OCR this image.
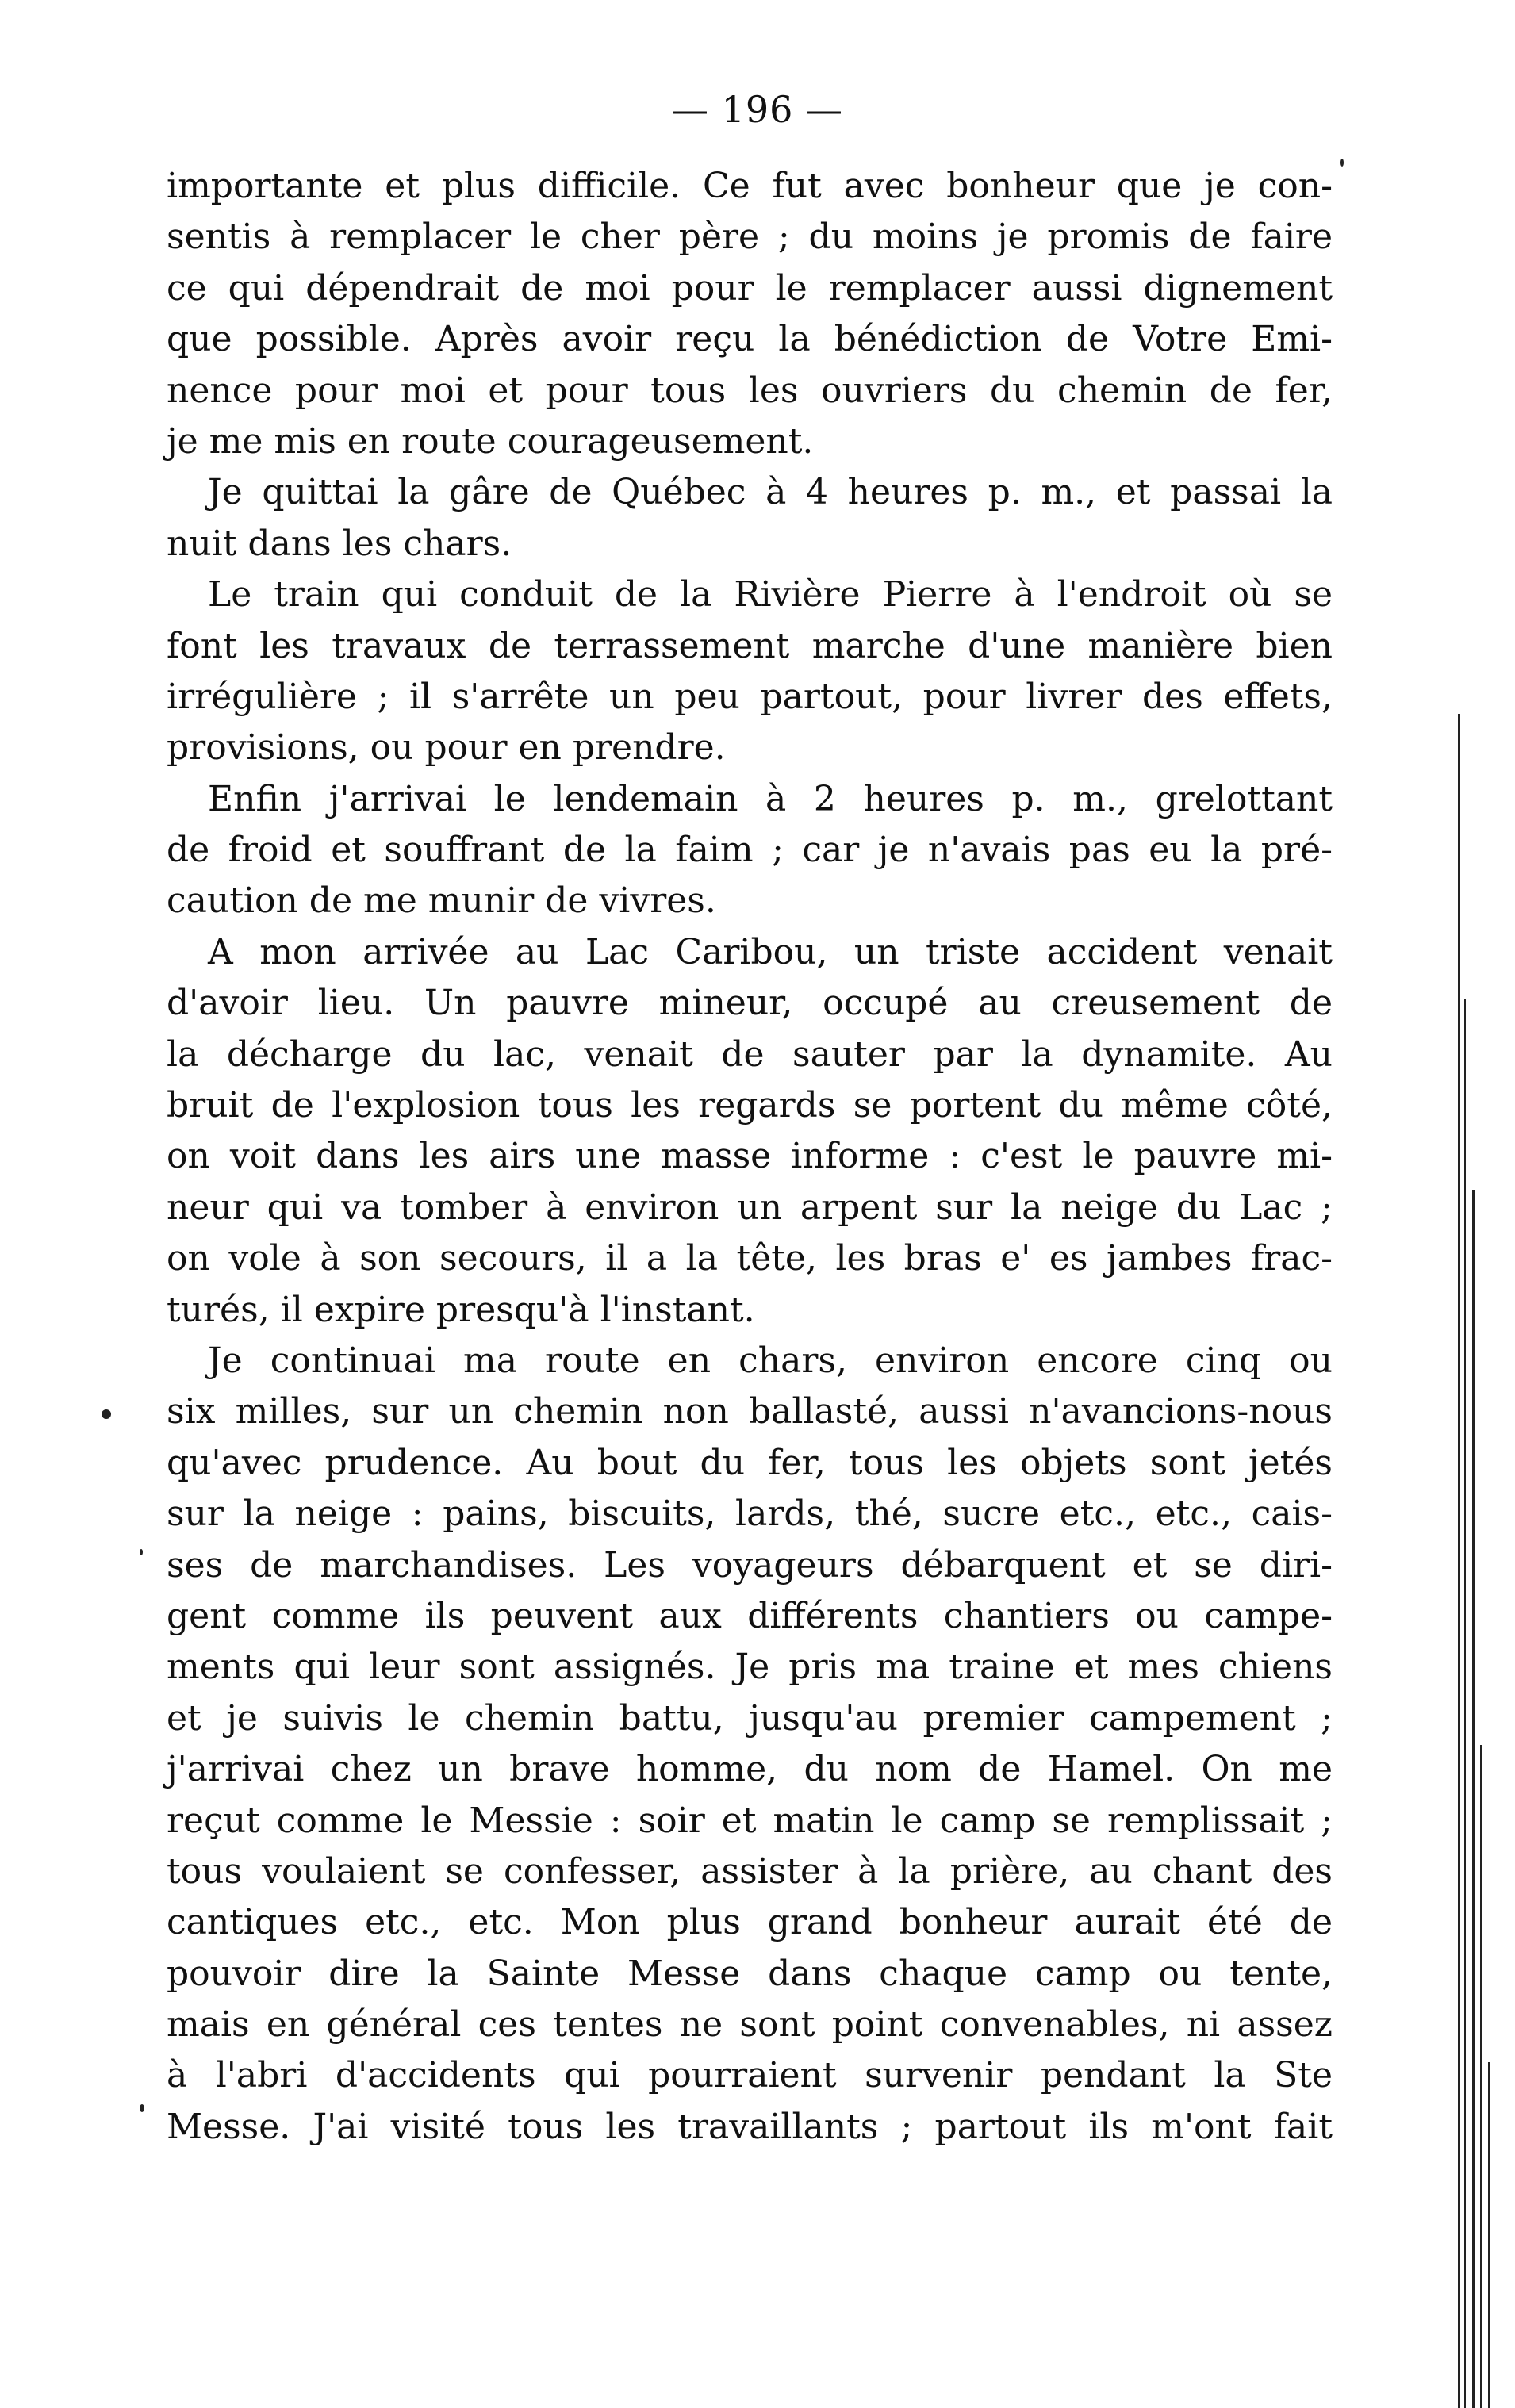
— 196 —
importante et plus difficile. Ce fut avec bonheur que je con-
sentis à remplacer le cher père ; du moins je promis de faire
ce qui dépendrait de moi pour le remplacer aussi dignement
que possible. Après avoir reçu la bénédiction de Votre Emi-
nence pour moi et pour tous les ouvriers du chemin de fer,
je me mis en route courageusement.
Je quittai la gâre de Québec à 4 heures p. m., et passai la
nuit dans les chars.
Le train qui conduit de la Rivière Pierre à l'endroit où se
font les travaux de terrassement marche d'une manière bien
irrégulière ; il s'arrête un peu partout, pour livrer des effets,
provisions, ou pour en prendre.
Enfin j'arrivai le lendemain à 2 heures p. m., grelottant
de froid et souffrant de la faim ; car je n'avais pas eu la pré-
caution de me munir de vivres.
A mon arrivée au Lac Caribou, un triste accident venait
d'avoir lieu. Un pauvre mineur, occupé au creusement de
la décharge du lac, venait de sauter par la dynamite. Au
bruit de l'explosion tous les regards se portent du même côté,
on voit dans les airs une masse informe : c'est le pauvre mi-
neur qui va tomber à environ un arpent sur la neige du Lac ;
on vole à son secours, il a la tête, les bras e' es jambes frac-
turés, il expire presqu'à l'instant.
Je continuai ma route en chars, environ encore cinq ou
six milles, sur un chemin non ballasté, aussi n'avancions-nous
qu'avec prudence. Au bout du fer, tous les objets sont jetés
sur la neige : pains, biscuits, lards, thé, sucre etc., etc., cais-
ses de marchandises. Les voyageurs débarquent et se diri-
gent comme ils peuvent aux différents chantiers ou campe-
ments qui leur sont assignés. Je pris ma traine et mes chiens
et je suivis le chemin battu, jusqu'au premier campement ;
j'arrivai chez un brave homme, du nom de Hamel. On me
reçut comme le Messie : soir et matin le camp se remplissait ;
tous voulaient se confesser, assister à la prière, au chant des
cantiques etc., etc. Mon plus grand bonheur aurait été de
pouvoir dire la Sainte Messe dans chaque camp ou tente,
mais en général ces tentes ne sont point convenables, ni assez
à l'abri d'accidents qui pourraient survenir pendant la Ste
Messe. J'ai visité tous les travaillants ; partout ils m'ont fait
